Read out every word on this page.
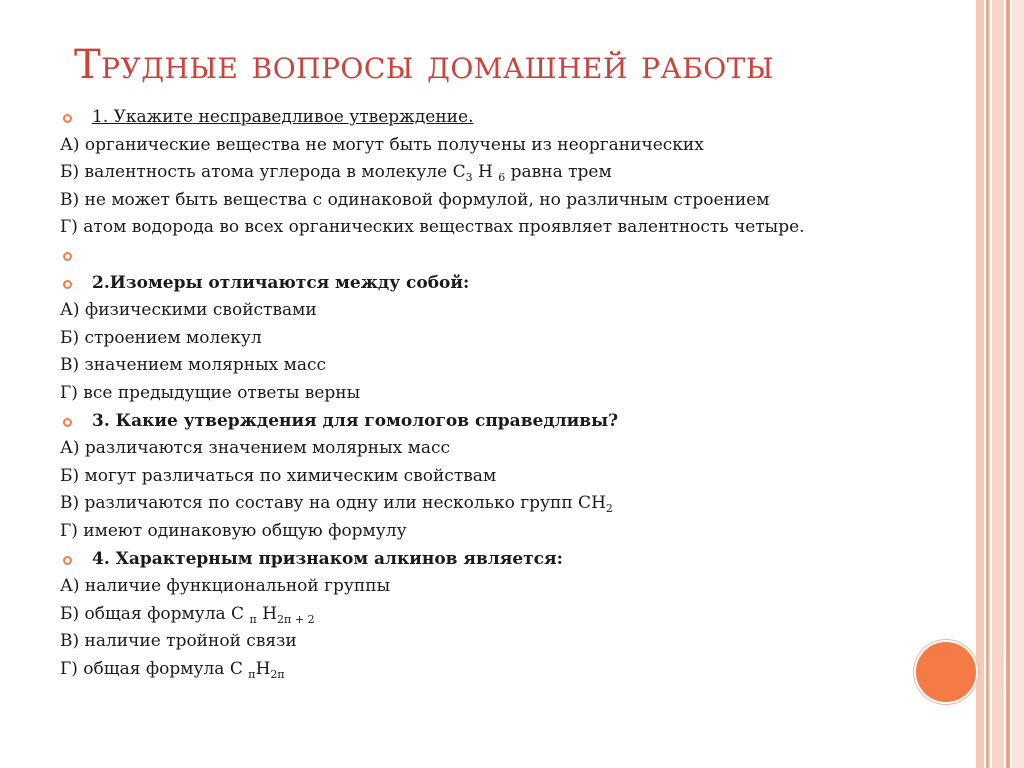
Трудные вопросы домашней работы
1. Укажите несправедливое утверждение.
А) органические вещества не могут быть получены из неорганических
Б) валентность атома углерода в молекуле $С_3$ Н $_6$ равна трем
В) не может быть вещества с одинаковой формулой, но различным строением
Г) атом водорода во всех органических веществах проявляет валентность четыре.
2.Изомеры отличаются между собой:
А) физическими свойствами
Б) строением молекул
В) значением молярных масс
Г) все предыдущие ответы верны
3. Какие утверждения для гомологов справедливы?
А) различаются значением молярных масс
Б) могут различаться по химическим свойствам
В) различаются по составу на одну или несколько групп $СН_2$
Г) имеют одинаковую общую формулу
4. Характерным признаком алкинов является:
А) наличие функциональной группы
Б) общая формула С $_п$ $Н_{2п + 2}$
В) наличие тройной связи
Г) общая формула С $_пН_{2п}$
